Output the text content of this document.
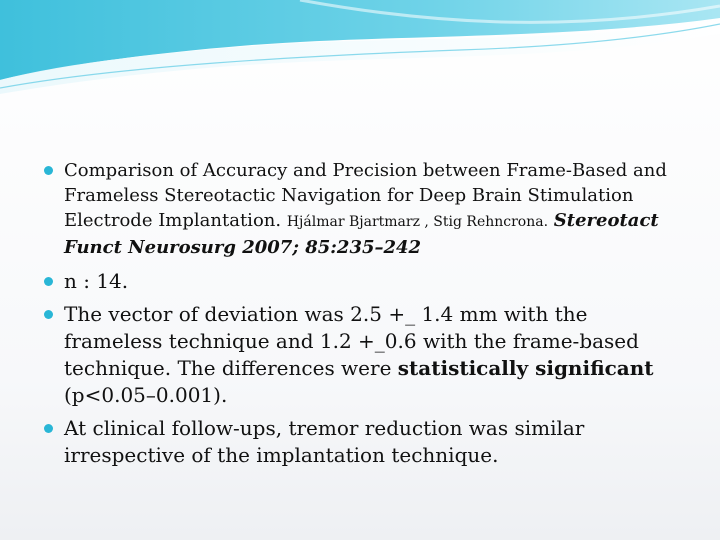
Comparison of Accuracy and Precision between Frame-Based and Frameless Stereotactic Navigation for Deep Brain Stimulation Electrode Implantation. Hjálmar Bjartmarz , Stig Rehncrona. Stereotact Funct Neurosurg 2007; 85:235–242
n : 14.
The vector of deviation was 2.5 +_ 1.4 mm with the frameless technique and 1.2 +_0.6 with the frame-based technique. The differences were statistically significant (p<0.05–0.001).
At clinical follow-ups, tremor reduction was similar irrespective of the implantation technique.
